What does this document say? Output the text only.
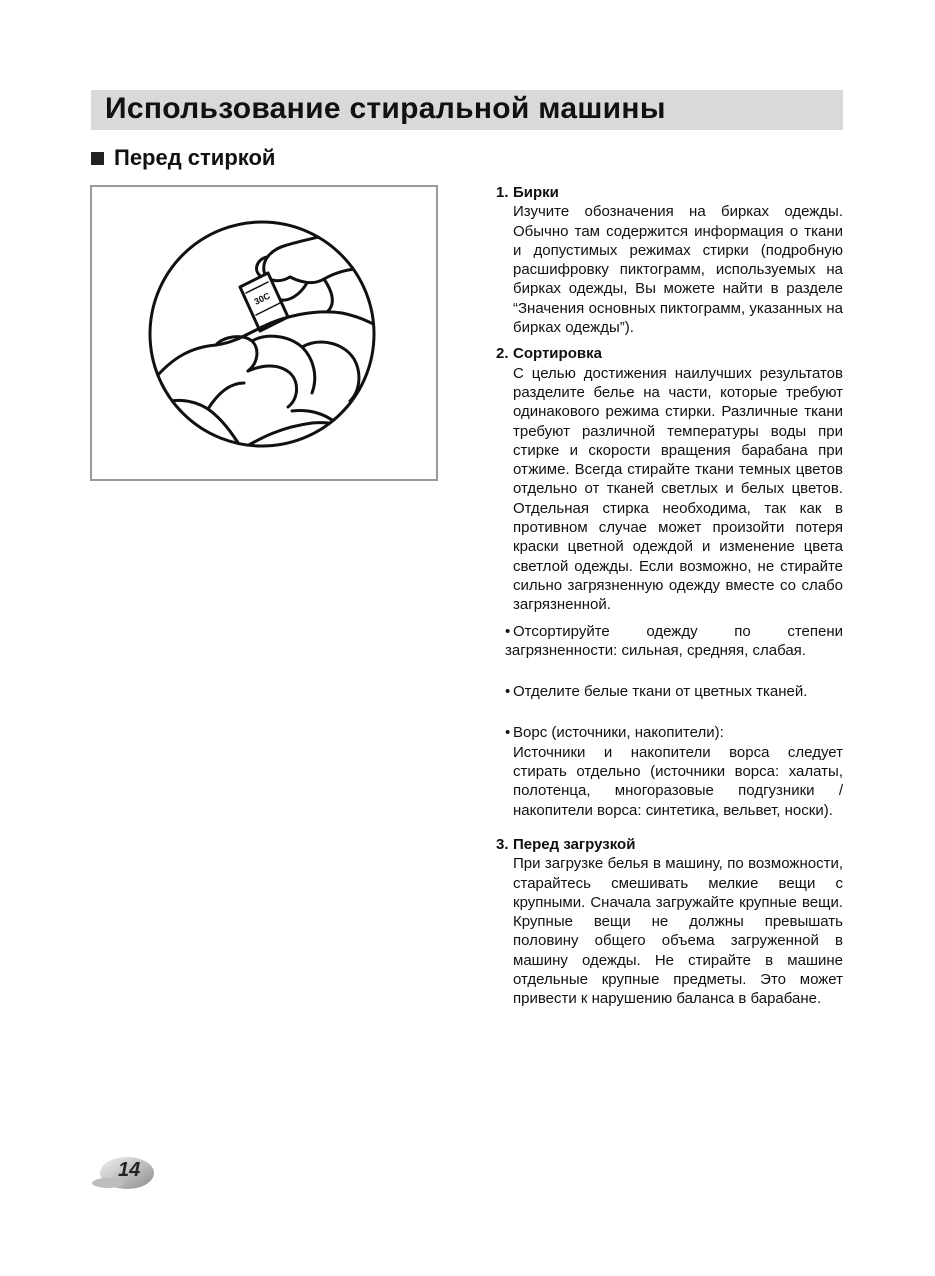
Использование стиральной машины
Перед стиркой
30C

1. Бирки

Изучите обозначения на бирках одежды. Обычно там содержится информация о ткани и допустимых режимах стирки (подробную расшифровку пиктограмм, используемых на бирках одежды, Вы можете найти в разделе “Значения основных пиктограмм, указанных на бирках одежды”).

2. Сортировка

С целью достижения наилучших результатов разделите белье на части, которые требуют одинакового режима стирки. Различные ткани требуют различной температуры воды при стирке и скорости вращения барабана при отжиме. Всегда стирайте ткани темных цветов отдельно от тканей светлых и белых цветов. Отдельная стирка необходима, так как в противном случае может произойти потеря краски цветной одеждой и изменение цвета светлой одежды. Если возможно, не стирайте сильно загрязненную одежду вместе со слабо загрязненной.

• Отсортируйте одежду по степени загрязненности: сильная, средняя, слабая.

• Отделите белые ткани от цветных тканей.

• Ворс (источники, накопители):

Источники и накопители ворса следует стирать отдельно (источники ворса: халаты, полотенца, многоразовые подгузники / накопители ворса: синтетика, вельвет, носки).

3. Перед загрузкой

При загрузке белья в машину, по возможности, старайтесь смешивать мелкие вещи с крупными. Сначала загружайте крупные вещи. Крупные вещи не должны превышать половину общего объема загруженной в машину одежды. Не стирайте в машине отдельные крупные предметы. Это может привести к нарушению баланса в барабане.

14
